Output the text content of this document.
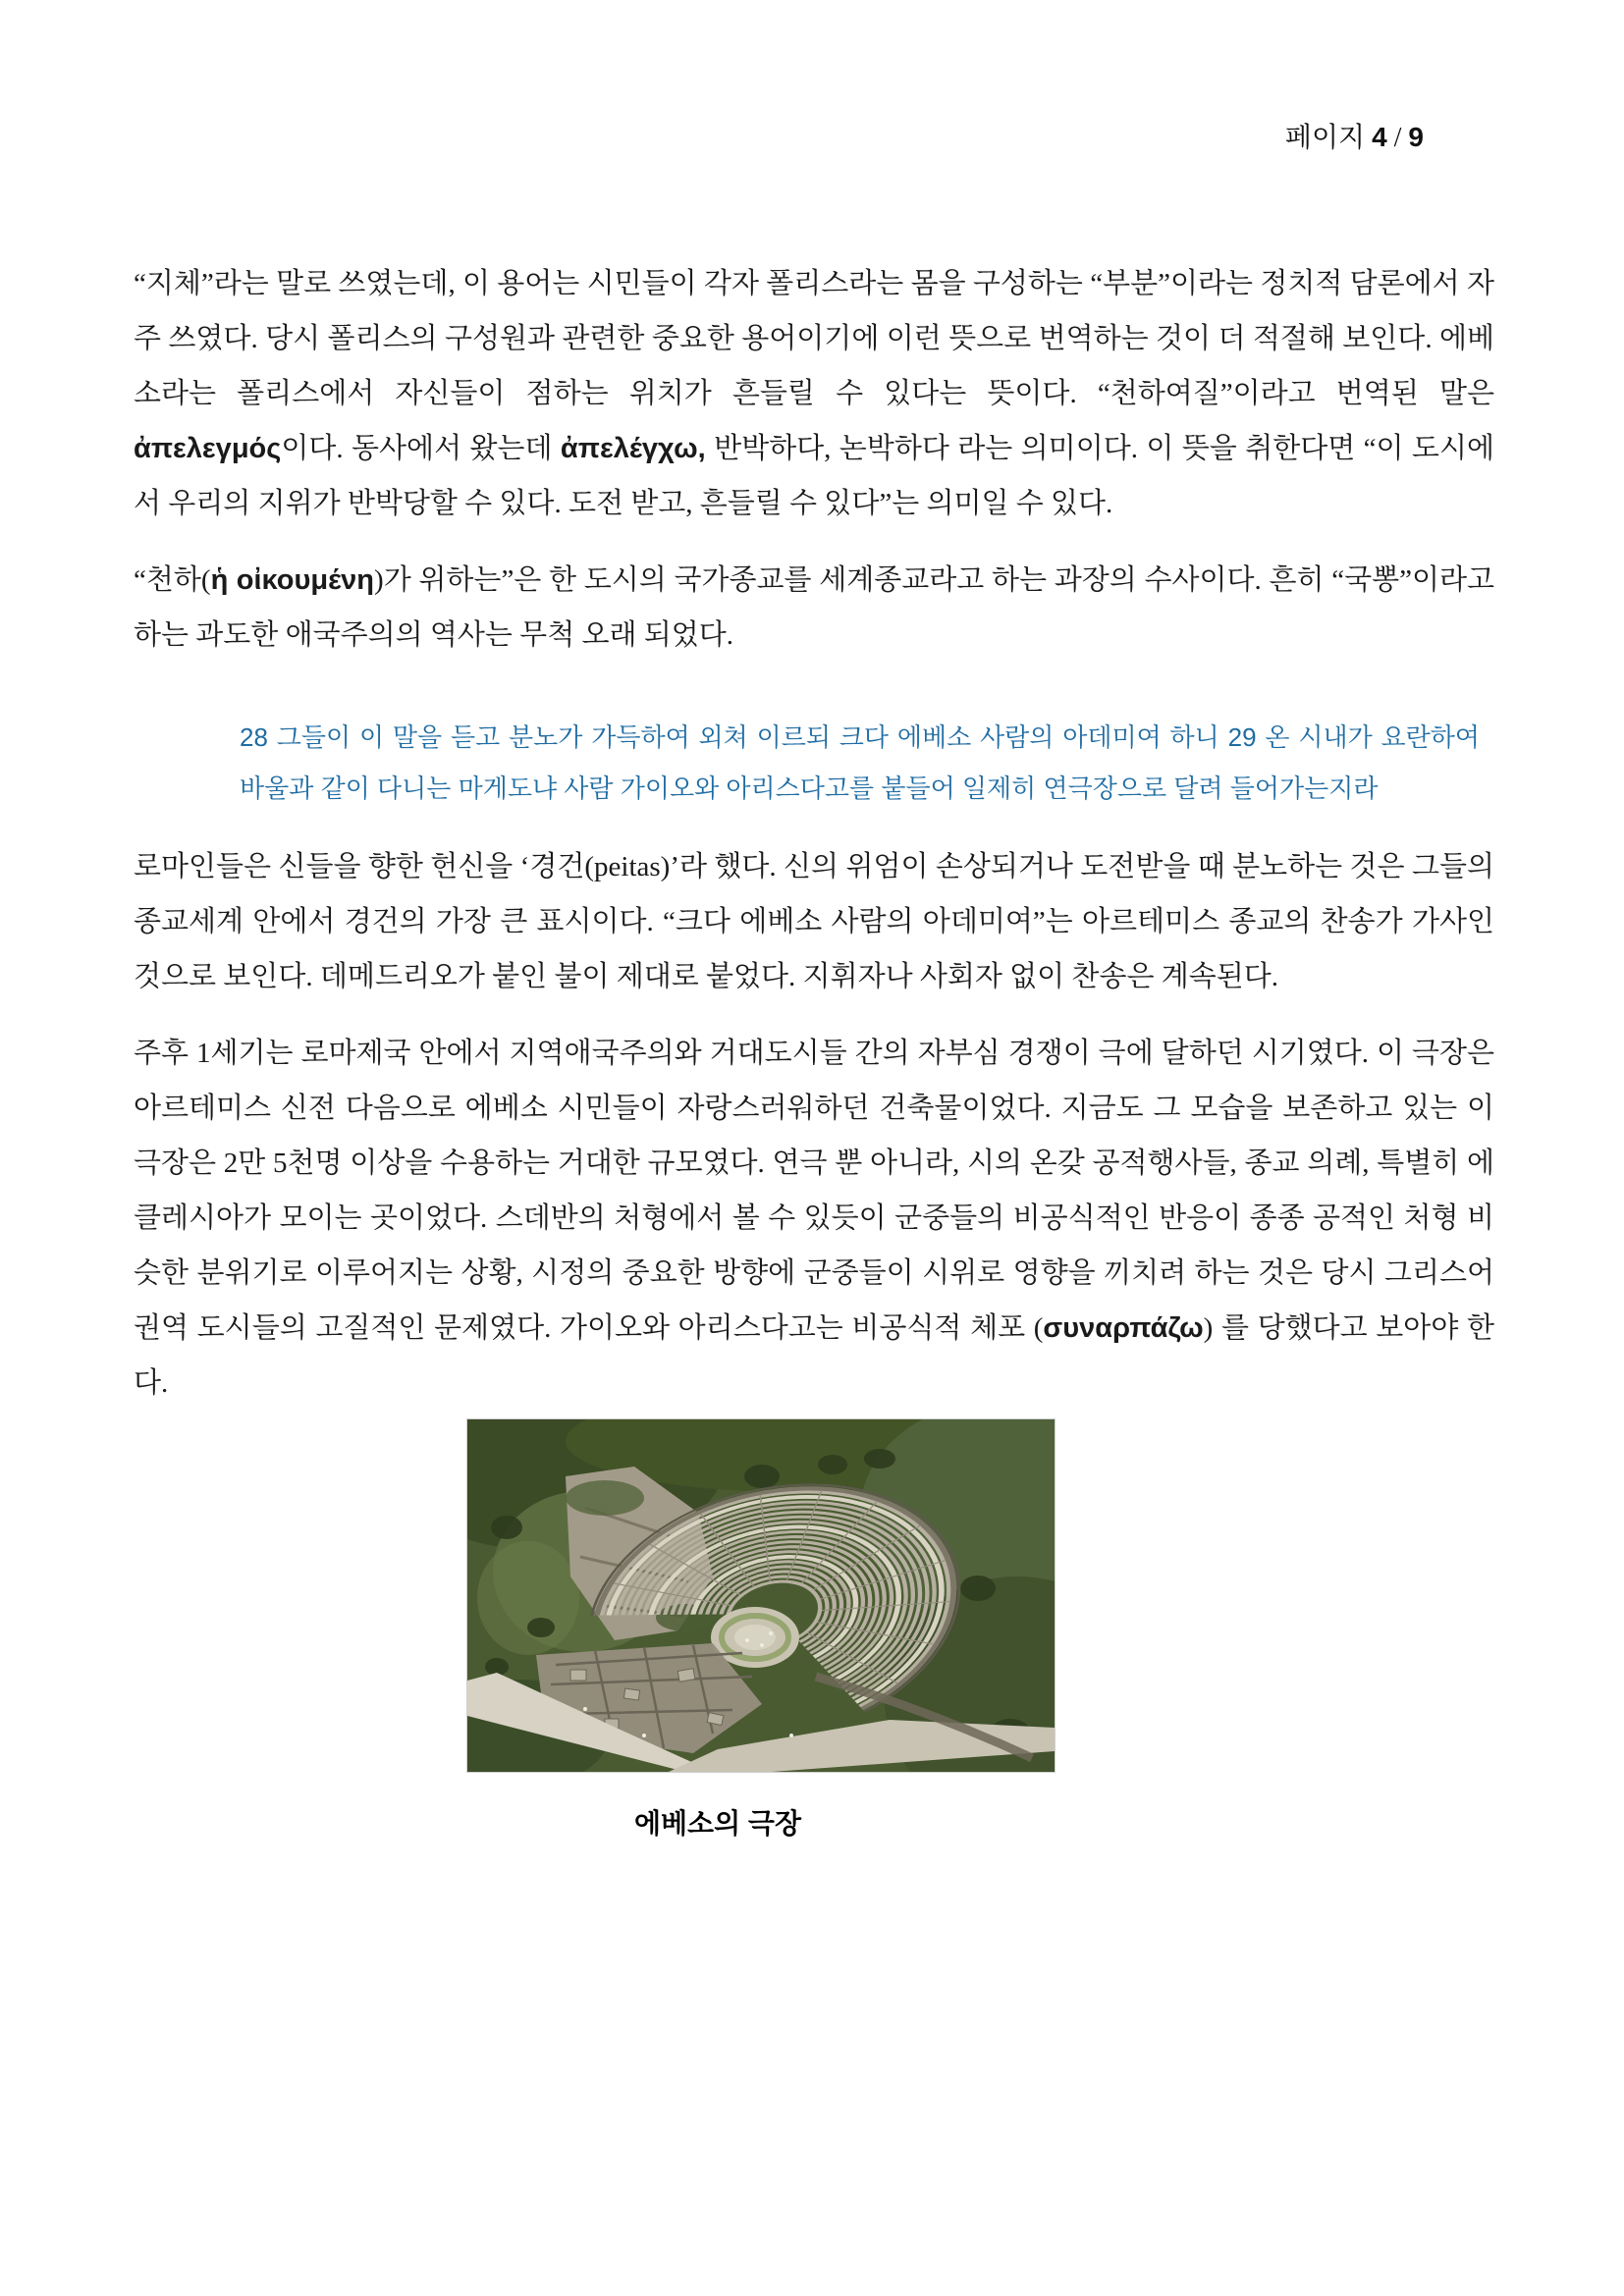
페이지 4 / 9

“지체”라는 말로 쓰였는데, 이 용어는 시민들이 각자 폴리스라는 몸을 구성하는 “부분”이라는 정치적 담론에서 자주 쓰였다. 당시 폴리스의 구성원과 관련한 중요한 용어이기에 이런 뜻으로 번역하는 것이 더 적절해 보인다. 에베소라는 폴리스에서 자신들이 점하는 위치가 흔들릴 수 있다는 뜻이다. “천하여질”이라고 번역된 말은 ἀπελεγμός이다. 동사에서 왔는데 ἀπελέγχω, 반박하다, 논박하다 라는 의미이다. 이 뜻을 취한다면 “이 도시에서 우리의 지위가 반박당할 수 있다. 도전 받고, 흔들릴 수 있다”는 의미일 수 있다.

“천하(ἡ οἰκουμένη)가 위하는”은 한 도시의 국가종교를 세계종교라고 하는 과장의 수사이다. 흔히 “국뽕”이라고 하는 과도한 애국주의의 역사는 무척 오래 되었다.

28 그들이 이 말을 듣고 분노가 가득하여 외쳐 이르되 크다 에베소 사람의 아데미여 하니 29 온 시내가 요란하여 바울과 같이 다니는 마게도냐 사람 가이오와 아리스다고를 붙들어 일제히 연극장으로 달려 들어가는지라

로마인들은 신들을 향한 헌신을 ‘경건(peitas)’라 했다. 신의 위엄이 손상되거나 도전받을 때 분노하는 것은 그들의 종교세계 안에서 경건의 가장 큰 표시이다. “크다 에베소 사람의 아데미여”는 아르테미스 종교의 찬송가 가사인 것으로 보인다. 데메드리오가 붙인 불이 제대로 붙었다. 지휘자나 사회자 없이 찬송은 계속된다.

주후 1세기는 로마제국 안에서 지역애국주의와 거대도시들 간의 자부심 경쟁이 극에 달하던 시기였다. 이 극장은 아르테미스 신전 다음으로 에베소 시민들이 자랑스러워하던 건축물이었다. 지금도 그 모습을 보존하고 있는 이 극장은 2만 5천명 이상을 수용하는 거대한 규모였다. 연극 뿐 아니라, 시의 온갖 공적행사들, 종교 의례, 특별히 에클레시아가 모이는 곳이었다. 스데반의 처형에서 볼 수 있듯이 군중들의 비공식적인 반응이 종종 공적인 처형 비슷한 분위기로 이루어지는 상황, 시정의 중요한 방향에 군중들이 시위로 영향을 끼치려 하는 것은 당시 그리스어 권역 도시들의 고질적인 문제였다. 가이오와 아리스다고는 비공식적 체포 (συναρπάζω) 를 당했다고 보아야 한다.

에베소의 극장
